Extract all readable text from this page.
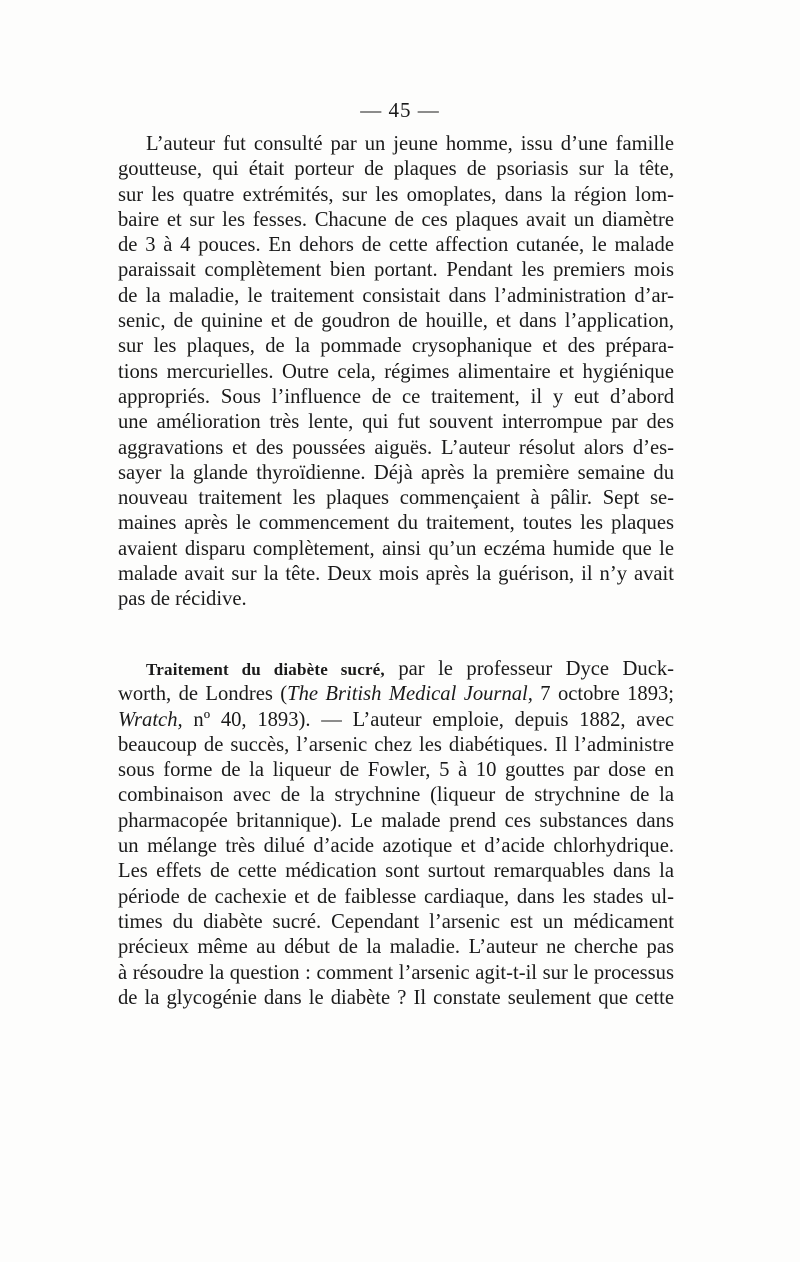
— 45 —
L’auteur fut consulté par un jeune homme, issu d’une famille
goutteuse, qui était porteur de plaques de psoriasis sur la tête,
sur les quatre extrémités, sur les omoplates, dans la région lom-
baire et sur les fesses. Chacune de ces plaques avait un diamètre
de 3 à 4 pouces. En dehors de cette affection cutanée, le malade
paraissait complètement bien portant. Pendant les premiers mois
de la maladie, le traitement consistait dans l’administration d’ar-
senic, de quinine et de goudron de houille, et dans l’application,
sur les plaques, de la pommade crysophanique et des prépara-
tions mercurielles. Outre cela, régimes alimentaire et hygiénique
appropriés. Sous l’influence de ce traitement, il y eut d’abord
une amélioration très lente, qui fut souvent interrompue par des
aggravations et des poussées aiguës. L’auteur résolut alors d’es-
sayer la glande thyroïdienne. Déjà après la première semaine du
nouveau traitement les plaques commençaient à pâlir. Sept se-
maines après le commencement du traitement, toutes les plaques
avaient disparu complètement, ainsi qu’un eczéma humide que le
malade avait sur la tête. Deux mois après la guérison, il n’y avait
pas de récidive.
Traitement du diabète sucré, par le professeur Dyce Duck-
worth, de Londres (The British Medical Journal, 7 octobre 1893;
Wratch, nº 40, 1893). — L’auteur emploie, depuis 1882, avec
beaucoup de succès, l’arsenic chez les diabétiques. Il l’administre
sous forme de la liqueur de Fowler, 5 à 10 gouttes par dose en
combinaison avec de la strychnine (liqueur de strychnine de la
pharmacopée britannique). Le malade prend ces substances dans
un mélange très dilué d’acide azotique et d’acide chlorhydrique.
Les effets de cette médication sont surtout remarquables dans la
période de cachexie et de faiblesse cardiaque, dans les stades ul-
times du diabète sucré. Cependant l’arsenic est un médicament
précieux même au début de la maladie. L’auteur ne cherche pas
à résoudre la question : comment l’arsenic agit-t-il sur le processus
de la glycogénie dans le diabète ? Il constate seulement que cette
